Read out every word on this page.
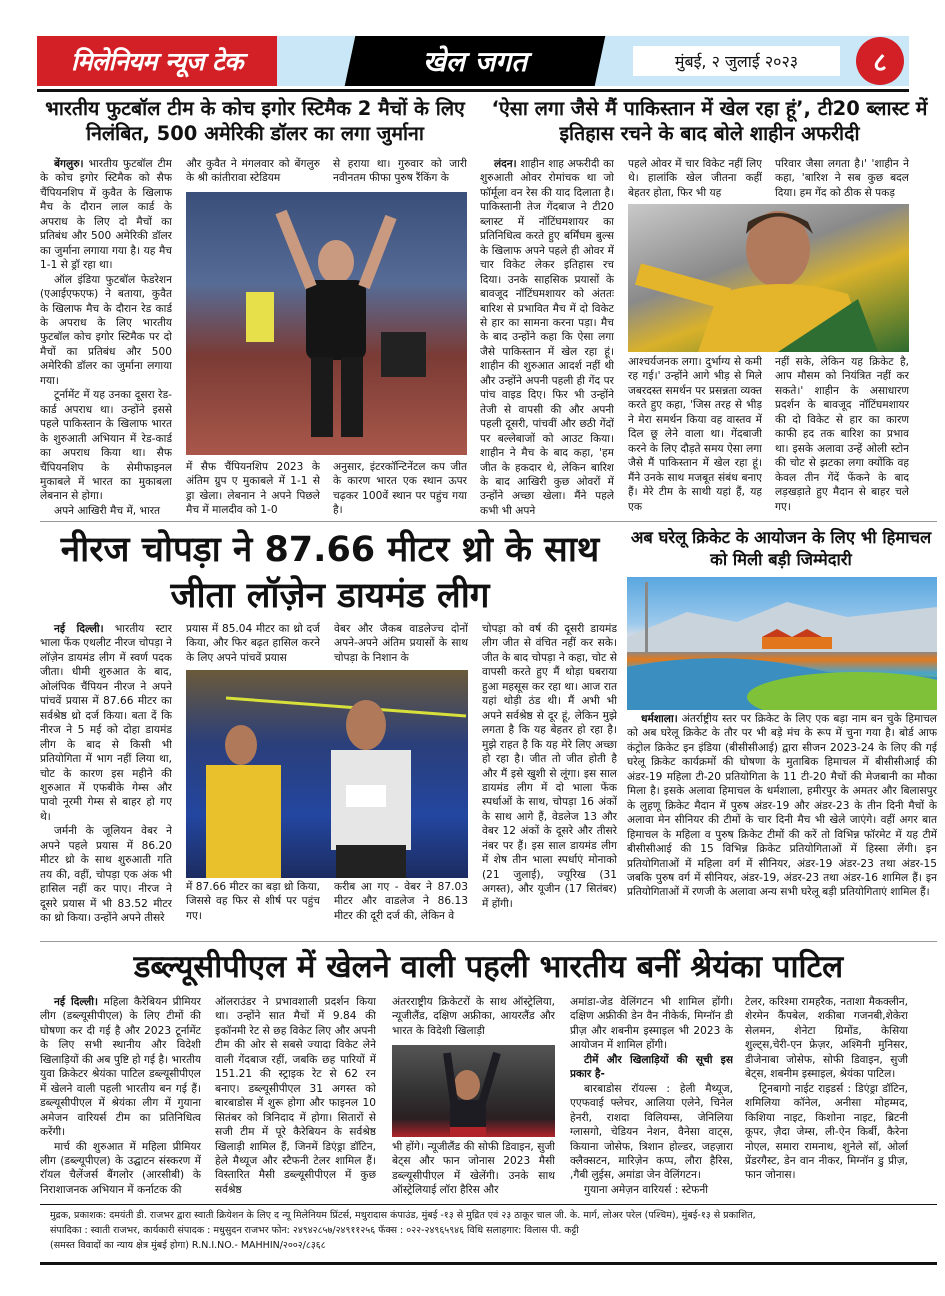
मिलेनियम न्यूज टेक	खेल जगत	मुंबई, २ जुलाई २०२३	८
भारतीय फुटबॉल टीम के कोच इगोर स्टिमैक 2 मैचों के लिए निलंबित, 500 अमेरिकी डॉलर का लगा जुर्माना

बेंगलुरु। भारतीय फुटबॉल टीम के कोच इगोर स्टिमैक को सैफ चैंपियनशिप में कुवैत के खिलाफ मैच के दौरान लाल कार्ड के अपराध के लिए दो मैचों का प्रतिबंध और 500 अमेरिकी डॉलर का जुर्माना लगाया गया है। यह मैच 1-1 से ड्रॉ रहा था।

ऑल इंडिया फुटबॉल फेडरेशन (एआईएफएफ) ने बताया, कुवैत के खिलाफ मैच के दौरान रेड कार्ड के अपराध के लिए भारतीय फुटबॉल कोच इगोर स्टिमैक पर दो मैचों का प्रतिबंध और 500 अमेरिकी डॉलर का जुर्माना लगाया गया।

टूर्नामेंट में यह उनका दूसरा रेड-कार्ड अपराध था। उन्होंने इससे पहले पाकिस्तान के खिलाफ भारत के शुरुआती अभियान में रेड-कार्ड का अपराध किया था। सैफ चैंपियनशिप के सेमीफाइनल मुकाबले में भारत का मुकाबला लेबनान से होगा।

अपने आखिरी मैच में, भारत

और कुवैत ने मंगलवार को बेंगलुरु के श्री कांतीरावा स्टेडियम
से हराया था। गुरुवार को जारी नवीनतम फीफा पुरुष रैंकिंग के
में सैफ चैंपियनशिप 2023 के अंतिम ग्रुप ए मुकाबले में 1-1 से ड्रा खेला। लेबनान ने अपने पिछले मैच में मालदीव को 1-0
अनुसार, इंटरकॉन्टिनेंटल कप जीत के कारण भारत एक स्थान ऊपर चढ़कर 100वें स्थान पर पहुंच गया है।
‘ऐसा लगा जैसे मैं पाकिस्तान में खेल रहा हूं’, टी20 ब्लास्ट में इतिहास रचने के बाद बोले शाहीन अफरीदी

लंदन। शाहीन शाह अफरीदी का शुरुआती ओवर रोमांचक था जो फॉर्मूला वन रेस की याद दिलाता है। पाकिस्तानी तेज गेंदबाज ने टी20 ब्लास्ट में नॉटिंघमशायर का प्रतिनिधित्व करते हुए बर्मिंघम बुल्स के खिलाफ अपने पहले ही ओवर में चार विकेट लेकर इतिहास रच दिया। उनके साहसिक प्रयासों के बावजूद नॉटिंघमशायर को अंततः बारिश से प्रभावित मैच में दो विकेट से हार का सामना करना पड़ा। मैच के बाद उन्होंने कहा कि ऐसा लगा जैसे पाकिस्तान में खेल रहा हूं। शाहीन की शुरुआत आदर्श नहीं थी और उन्होंने अपनी पहली ही गेंद पर पांच वाइड दिए। फिर भी उन्होंने तेजी से वापसी की और अपनी पहली दूसरी, पांचवीं और छठी गेंदों पर बल्लेबाजों को आउट किया। शाहीन ने मैच के बाद कहा, 'हम जीत के हकदार थे, लेकिन बारिश के बाद आखिरी कुछ ओवरों में उन्होंने अच्छा खेला। मैंने पहले कभी भी अपने

पहले ओवर में चार विकेट नहीं लिए थे। हालांकि खेल जीतना कहीं बेहतर होता, फिर भी यह
परिवार जैसा लगता है।' 'शाहीन ने कहा, 'बारिश ने सब कुछ बदल दिया। हम गेंद को ठीक से पकड़
आश्चर्यजनक लगा। दुर्भाग्य से कमी रह गई।' उन्होंने आगे भीड़ से मिले जबरदस्त समर्थन पर प्रसन्नता व्यक्त करते हुए कहा, 'जिस तरह से भीड़ ने मेरा समर्थन किया वह वास्तव में दिल छू लेने वाला था। गेंदबाजी करने के लिए दौड़ते समय ऐसा लगा जैसे मैं पाकिस्तान में खेल रहा हूं। मैंने उनके साथ मजबूत संबंध बनाए हैं। मेरे टीम के साथी यहां हैं, यह एक
नहीं सके, लेकिन यह क्रिकेट है, आप मौसम को नियंत्रित नहीं कर सकते।' शाहीन के असाधारण प्रदर्शन के बावजूद नॉटिंघमशायर की दो विकेट से हार का कारण काफी हद तक बारिश का प्रभाव था। इसके अलावा उन्हें ओली स्टोन की चोट से झटका लगा क्योंकि वह केवल तीन गेंदें फेंकने के बाद लड़खड़ाते हुए मैदान से बाहर चले गए।
नीरज चोपड़ा ने 87.66 मीटर थ्रो के साथ जीता लॉज़ेन डायमंड लीग

नई दिल्ली। भारतीय स्टार भाला फेंक एथलीट नीरज चोपड़ा ने लॉज़ेन डायमंड लीग में स्वर्ण पदक जीता। धीमी शुरुआत के बाद, ओलंपिक चैंपियन नीरज ने अपने पांचवें प्रयास में 87.66 मीटर का सर्वश्रेष्ठ थ्रो दर्ज किया। बता दें कि नीरज ने 5 मई को दोहा डायमंड लीग के बाद से किसी भी प्रतियोगिता में भाग नहीं लिया था, चोट के कारण इस महीने की शुरुआत में एफबीके गेम्स और पावो नूरमी गेम्स से बाहर हो गए थे।

जर्मनी के जूलियन वेबर ने अपने पहले प्रयास में 86.20 मीटर थ्रो के साथ शुरुआती गति तय की, वहीं, चोपड़ा एक अंक भी हासिल नहीं कर पाए। नीरज ने दूसरे प्रयास में भी 83.52 मीटर का थ्रो किया। उन्होंने अपने तीसरे

प्रयास में 85.04 मीटर का थ्रो दर्ज किया, और फिर बढ़त हासिल करने के लिए अपने पांचवें प्रयास
वेबर और जैकब वाडलेज्च दोनों अपने-अपने अंतिम प्रयासों के साथ चोपड़ा के निशान के
में 87.66 मीटर का बड़ा थ्रो किया, जिससे वह फिर से शीर्ष पर पहुंच गए।
करीब आ गए - वेबर ने 87.03 मीटर और वाडलेज ने 86.13 मीटर की दूरी दर्ज की, लेकिन वे
चोपड़ा को वर्ष की दूसरी डायमंड लीग जीत से वंचित नहीं कर सके।जीत के बाद चोपड़ा ने कहा, चोट से वापसी करते हुए मैं थोड़ा घबराया हुआ महसूस कर रहा था। आज रात यहां थोड़ी ठंड थी। मैं अभी भी अपने सर्वश्रेष्ठ से दूर हूं, लेकिन मुझे लगता है कि यह बेहतर हो रहा है। मुझे राहत है कि यह मेरे लिए अच्छा हो रहा है। जीत तो जीत होती है और मैं इसे खुशी से लूंगा। इस साल डायमंड लीग में दो भाला फेंक स्पर्धाओं के साथ, चोपड़ा 16 अंकों के साथ आगे हैं, वेडलेज 13 और वेबर 12 अंकों के दूसरे और तीसरे नंबर पर हैं। इस साल डायमंड लीग में शेष तीन भाला स्पर्धाएं मोनाको (21 जुलाई), ज्यूरिख (31 अगस्त), और यूजीन (17 सितंबर) में होंगी।
अब घरेलू क्रिकेट के आयोजन के लिए भी हिमाचल को मिली बड़ी जिम्मेदारी

धर्मशाला। अंतर्राष्ट्रीय स्तर पर क्रिकेट के लिए एक बड़ा नाम बन चुके हिमाचल को अब घरेलू क्रिकेट के तौर पर भी बड़े मंच के रूप में चुना गया है। बोर्ड आफ कंट्रोल क्रिकेट इन इंडिया (बीसीसीआई) द्वारा सीजन 2023-24 के लिए की गई घरेलू क्रिकेट कार्यक्रमों की घोषणा के मुताबिक हिमाचल में बीसीसीआई की अंडर-19 महिला टी-20 प्रतियोगिता के 11 टी-20 मैचों की मेजबानी का मौका मिला है। इसके अलावा हिमाचल के धर्मशाला, हमीरपुर के अमतर और बिलासपुर के लुहणू क्रिकेट मैदान में पुरुष अंडर-19 और अंडर-23 के तीन दिनी मैचों के अलावा मेन सीनियर की टीमों के चार दिनी मैच भी खेले जाएंगे। वहीं अगर बात हिमाचल के महिला व पुरुष क्रिकेट टीमों की करें तो विभिन्न फॉरमेट में यह टीमें बीसीसीआई की 15 विभिन्न क्रिकेट प्रतियोगिताओं में हिस्सा लेंगी। इन प्रतियोगिताओं में महिला वर्ग में सीनियर, अंडर-19 अंडर-23 तथा अंडर-15 जबकि पुरुष वर्ग में सीनियर, अंडर-19, अंडर-23 तथा अंडर-16 शामिल हैं। इन प्रतियोगिताओं में रणजी के अलावा अन्य सभी घरेलू बड़ी प्रतियोगिताएं शामिल हैं।

डब्ल्यूसीपीएल में खेलने वाली पहली भारतीय बनीं श्रेयंका पाटिल

नई दिल्ली। महिला कैरेबियन प्रीमियर लीग (डब्ल्यूसीपीएल) के लिए टीमों की घोषणा कर दी गई है और 2023 टूर्नामेंट के लिए सभी स्थानीय और विदेशी खिलाड़ियों की अब पुष्टि हो गई है। भारतीय युवा क्रिकेटर श्रेयंका पाटिल डब्ल्यूसीपीएल में खेलने वाली पहली भारतीय बन गई हैं। डब्ल्यूसीपीएल में श्रेयंका लीग में गुयाना अमेजन वारियर्स टीम का प्रतिनिधित्व करेंगी।

मार्च की शुरुआत में महिला प्रीमियर लीग (डब्ल्यूपीएल) के उद्घाटन संस्करण में रॉयल चैलेंजर्स बैंगलोर (आरसीबी) के निराशाजनक अभियान में कर्नाटक की

ऑलराउंडर ने प्रभावशाली प्रदर्शन किया था। उन्होंने सात मैचों में 9.84 की इकॉनमी रेट से छह विकेट लिए और अपनी टीम की ओर से सबसे ज्यादा विकेट लेने वाली गेंदबाज रहीं, जबकि छह पारियों में 151.21 की स्ट्राइक रेट से 62 रन बनाए। डब्ल्यूसीपीएल 31 अगस्त को बारबाडोस में शुरू होगा और फाइनल 10 सितंबर को त्रिनिदाद में होगा। सितारों से सजी टीम में पूरे कैरेबियन के सर्वश्रेष्ठ खिलाड़ी शामिल हैं, जिनमें डिएंड्रा डॉटिन, हेले मैथ्यूज और स्टैफनी टेलर शामिल हैं। विस्तारित मैसी डब्ल्यूसीपीएल में कुछ सर्वश्रेष्ठ
अंतरराष्ट्रीय क्रिकेटरों के साथ ऑस्ट्रेलिया, न्यूजीलैंड, दक्षिण अफ्रीका, आयरलैंड और भारत के विदेशी खिलाड़ी
भी होंगे। न्यूजीलैंड की सोफी डिवाइन, सुजी बेट्स और फान जोनास 2023 मैसी डब्ल्यूसीपीएल में खेलेंगी। उनके साथ ऑस्ट्रेलियाई लॉरा हैरिस और

अमांडा-जेड वेलिंगटन भी शामिल होंगी। दक्षिण अफ्रीकी डेन वैन नीकेर्क, मिग्नॉन डी प्रीज़ और शबनीम इस्माइल भी 2023 के आयोजन में शामिल होंगी।

टीमें और खिलाड़ियों की सूची इस प्रकार है-

बारबाडोस रॉयल्स : हेली मैथ्यूज, एएफवाई फ्लेचर, आलिया एलेने, चिनेल हेनरी, राशदा विलियम्स, जेनिलिया ग्लासगो, चेडियन नेशन, वैनेसा वाट्स, कियाना जोसेफ, त्रिशान होल्डर, जहज़ारा क्लैक्सटन, मारिज़ेन कप्प, लौरा हैरिस, ,गैबी लुईस, अमांडा जेन वेलिंगटन।

गुयाना अमेज़न वारियर्स : स्टेफनी

टेलर, करिश्मा रामहरैक, नताशा मैकक्लीन, शेरमेन कैंपबेल, शकीबा गजनबी,शेकेरा सेलमन, शेनेटा ग्रिमोंड, केसिया शुल्ट्स,चेरी-एन फ्रेज़र, अश्मिनी मुनिसर, डीजेनाबा जोसेफ, सोफी डिवाइन, सुजी बेट्स, शबनीम इस्माइल, श्रेयंका पाटिल।

ट्रिनबागो नाईट राइडर्स : डिएंड्रा डॉटिन, शमिलिया कॉनेल, अनीसा मोहम्मद, किशिया नाइट, किशोना नाइट, ब्रिटनी कूपर, ज़ैदा जेम्स, ली-ऐन किर्बी, कैरेना नोएल, समारा रामनाथ, शुनेले सॉ, ओर्ला प्रेंडरगैस्ट, डेन वान नीकर, मिग्नॉन डु प्रीज़, फान जोनास।

मुद्रक, प्रकाशक: दमयंती डी. राजभर द्वारा स्वाती क्रियेशन के लिए द न्यू मिलेनियम प्रिंटर्स, मथुरादास कंपाउंड, मुंबई -१३ से मुद्रित एवं २३ ठाकूर चाल जी. के. मार्ग, लोअर परेल (पश्चिम), मुंबई-१३ से प्रकाशित,
संपादिका : स्वाती राजभर, कार्यकारी संपादक : मधुसुदन राजभर फोन: २४९४२८५७/२४९११२५६ फॅक्स : ०२२-२४९६५९४६ विधि सलाहगार: विलास पी. कट्टी
(समस्त विवादों का न्याय क्षेत्र मुंबई होगा) R.N.I.NO.- MAHHIN/२००२/८३६८
